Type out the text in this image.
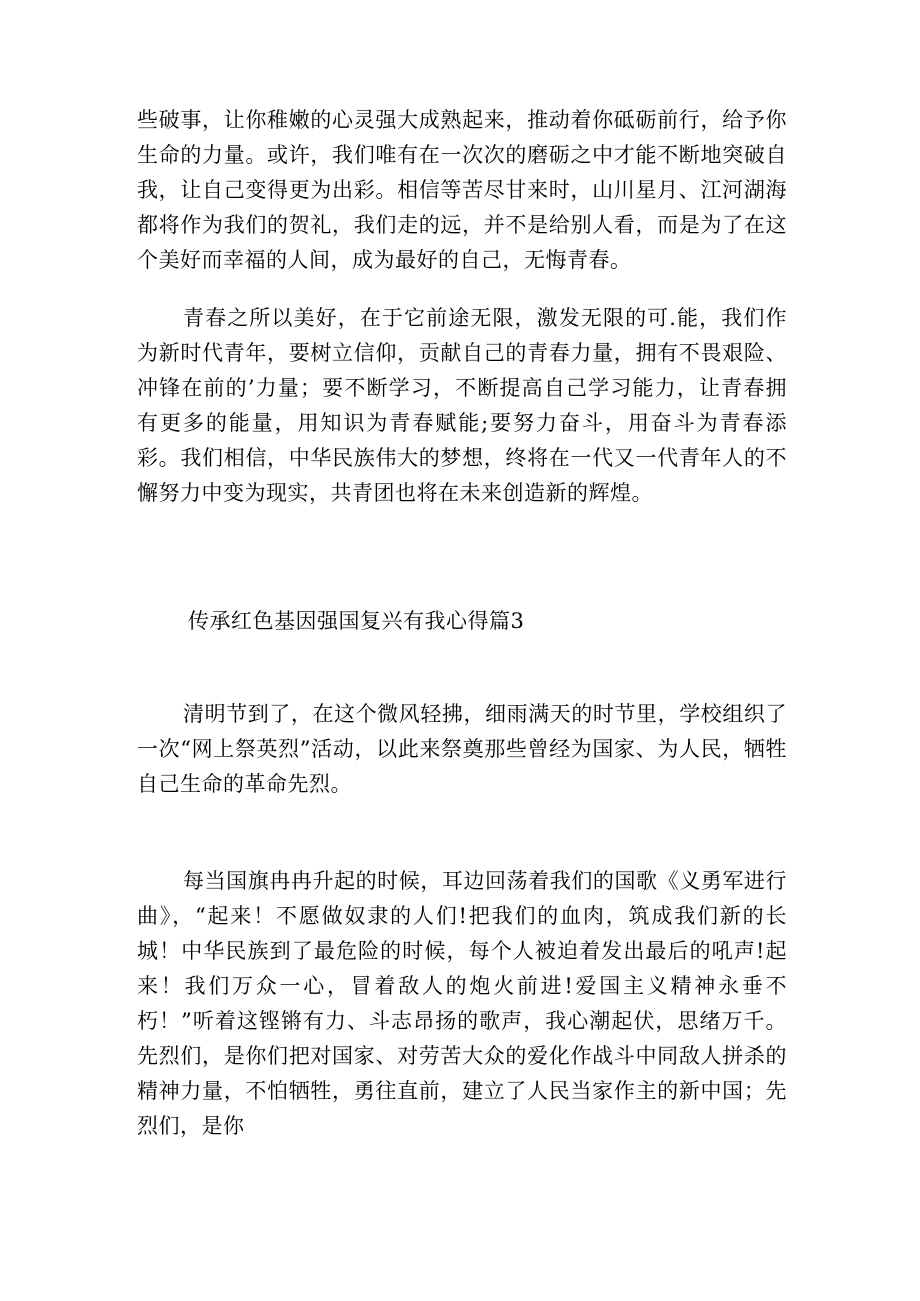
些破事，让你稚嫩的心灵强大成熟起来，推动着你砥砺前行，给予你生命的力量。或许，我们唯有在一次次的磨砺之中才能不断地突破自我，让自己变得更为出彩。相信等苦尽甘来时，山川星月、江河湖海都将作为我们的贺礼，我们走的远，并不是给别人看，而是为了在这个美好而幸福的人间，成为最好的自己，无悔青春。

青春之所以美好，在于它前途无限，激发无限的可.能，我们作为新时代青年，要树立信仰，贡献自己的青春力量，拥有不畏艰险、冲锋在前的’力量；要不断学习，不断提高自己学习能力，让青春拥有更多的能量，用知识为青春赋能;要努力奋斗，用奋斗为青春添彩。我们相信，中华民族伟大的梦想，终将在一代又一代青年人的不懈努力中变为现实，共青团也将在未来创造新的辉煌。

传承红色基因强国复兴有我心得篇3

清明节到了，在这个微风轻拂，细雨满天的时节里，学校组织了一次“网上祭英烈”活动，以此来祭奠那些曾经为国家、为人民，牺牲自己生命的革命先烈。

每当国旗冉冉升起的时候，耳边回荡着我们的国歌《义勇军进行曲》，“起来！不愿做奴隶的人们!把我们的血肉，筑成我们新的长城！中华民族到了最危险的时候，每个人被迫着发出最后的吼声!起来！我们万众一心，冒着敌人的炮火前进!爱国主义精神永垂不朽！”听着这铿锵有力、斗志昂扬的歌声，我心潮起伏，思绪万千。先烈们，是你们把对国家、对劳苦大众的爱化作战斗中同敌人拼杀的精神力量，不怕牺牲，勇往直前，建立了人民当家作主的新中国；先烈们，是你
